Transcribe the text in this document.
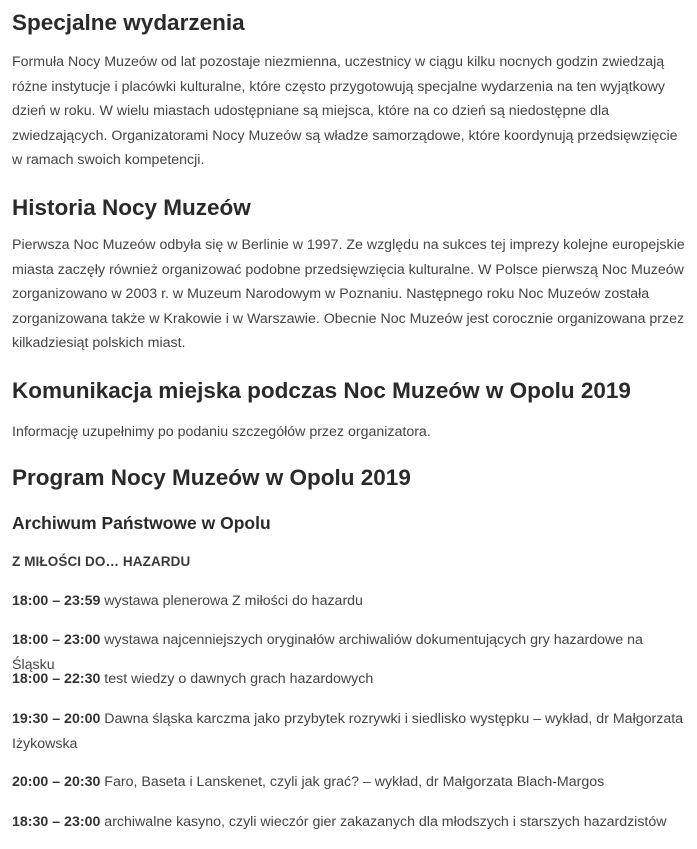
Specjalne wydarzenia

Formuła Nocy Muzeów od lat pozostaje niezmienna, uczestnicy w ciągu kilku nocnych godzin zwiedzają różne instytucje i placówki kulturalne, które często przygotowują specjalne wydarzenia na ten wyjątkowy dzień w roku. W wielu miastach udostępniane są miejsca, które na co dzień są niedostępne dla zwiedzających. Organizatorami Nocy Muzeów są władze samorządowe, które koordynują przedsięwzięcie w ramach swoich kompetencji.

Historia Nocy Muzeów

Pierwsza Noc Muzeów odbyła się w Berlinie w 1997. Ze względu na sukces tej imprezy kolejne europejskie miasta zaczęły również organizować podobne przedsięwzięcia kulturalne. W Polsce pierwszą Noc Muzeów zorganizowano w 2003 r. w Muzeum Narodowym w Poznaniu. Następnego roku Noc Muzeów została zorganizowana także w Krakowie i w Warszawie. Obecnie Noc Muzeów jest corocznie organizowana przez kilkadziesiąt polskich miast.

Komunikacja miejska podczas Noc Muzeów w Opolu 2019

Informację uzupełnimy po podaniu szczegółów przez organizatora.

Program Nocy Muzeów w Opolu 2019
Archiwum Państwowe w Opolu

Z MIŁOŚCI DO… HAZARDU

18:00 – 23:59 wystawa plenerowa Z miłości do hazardu

18:00 – 23:00 wystawa najcenniejszych oryginałów archiwaliów dokumentujących gry hazardowe na Śląsku

18:00 – 22:30 test wiedzy o dawnych grach hazardowych

19:30 – 20:00 Dawna śląska karczma jako przybytek rozrywki i siedlisko występku – wykład, dr Małgorzata Iżykowska

20:00 – 20:30 Faro, Baseta i Lanskenet, czyli jak grać? – wykład, dr Małgorzata Blach-Margos

18:30 – 23:00 archiwalne kasyno, czyli wieczór gier zakazanych dla młodszych i starszych hazardzistów
